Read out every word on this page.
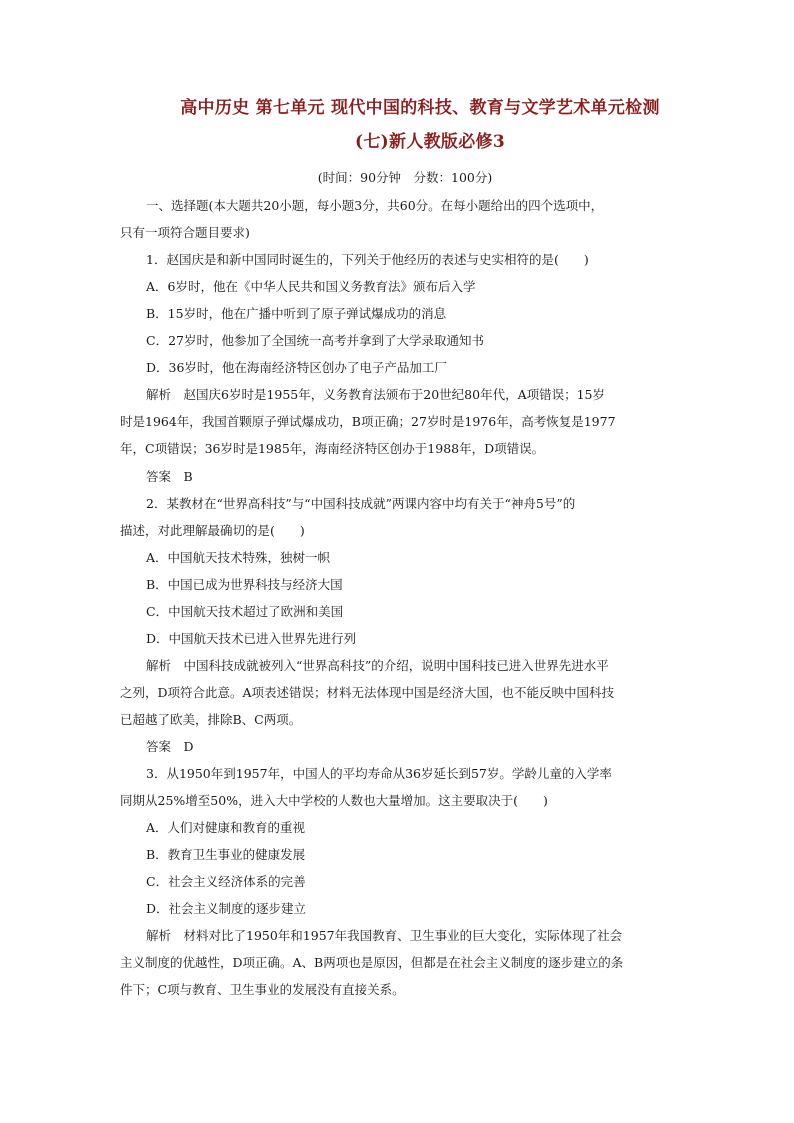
高中历史 第七单元 现代中国的科技、教育与文学艺术单元检测
(七)新人教版必修3
(时间：90分钟　分数：100分)
一、选择题(本大题共20小题，每小题3分，共60分。在每小题给出的四个选项中，
只有一项符合题目要求)
1．赵国庆是和新中国同时诞生的，下列关于他经历的表述与史实相符的是(　　)
A．6岁时，他在《中华人民共和国义务教育法》颁布后入学
B．15岁时，他在广播中听到了原子弹试爆成功的消息
C．27岁时，他参加了全国统一高考并拿到了大学录取通知书
D．36岁时，他在海南经济特区创办了电子产品加工厂
解析　赵国庆6岁时是1955年，义务教育法颁布于20世纪80年代，A项错误；15岁
时是1964年，我国首颗原子弹试爆成功，B项正确；27岁时是1976年，高考恢复是1977
年，C项错误；36岁时是1985年，海南经济特区创办于1988年，D项错误。
答案　B
2．某教材在“世界高科技”与“中国科技成就”两课内容中均有关于“神舟5号”的
描述，对此理解最确切的是(　　)
A．中国航天技术特殊，独树一帜
B．中国已成为世界科技与经济大国
C．中国航天技术超过了欧洲和美国
D．中国航天技术已进入世界先进行列
解析　中国科技成就被列入“世界高科技”的介绍，说明中国科技已进入世界先进水平
之列，D项符合此意。A项表述错误；材料无法体现中国是经济大国，也不能反映中国科技
已超越了欧美，排除B、C两项。
答案　D
3．从1950年到1957年，中国人的平均寿命从36岁延长到57岁。学龄儿童的入学率
同期从25%增至50%，进入大中学校的人数也大量增加。这主要取决于(　　)
A．人们对健康和教育的重视
B．教育卫生事业的健康发展
C．社会主义经济体系的完善
D．社会主义制度的逐步建立
解析　材料对比了1950年和1957年我国教育、卫生事业的巨大变化，实际体现了社会
主义制度的优越性，D项正确。A、B两项也是原因，但都是在社会主义制度的逐步建立的条
件下；C项与教育、卫生事业的发展没有直接关系。
